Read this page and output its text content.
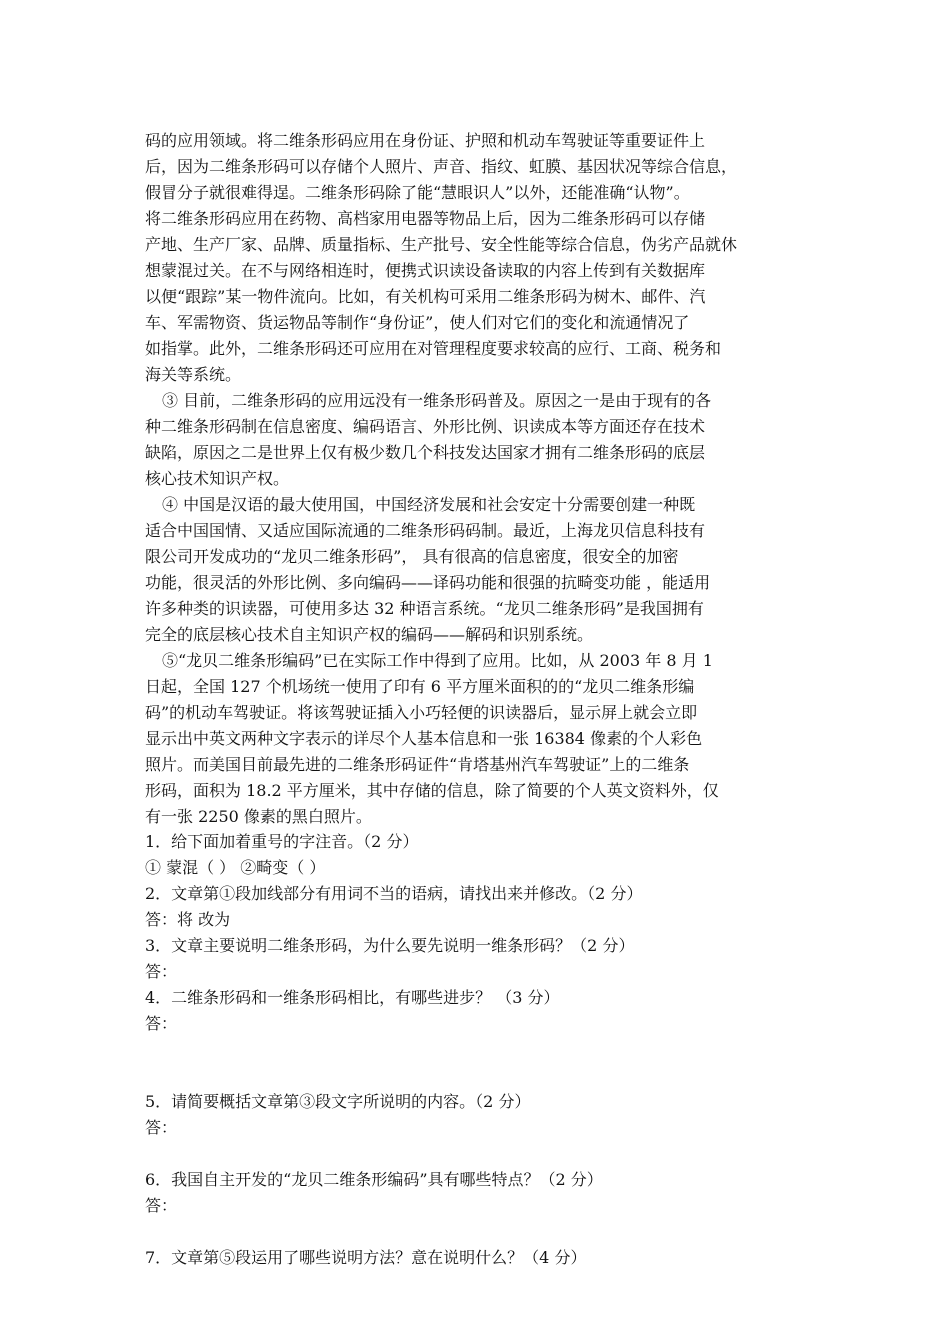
码的应用领域。将二维条形码应用在身份证、护照和机动车驾驶证等重要证件上
后，因为二维条形码可以存储个人照片、声音、指纹、虹膜、基因状况等综合信息，
假冒分子就很难得逞。二维条形码除了能“慧眼识人”以外，还能准确“认物”。
将二维条形码应用在药物、高档家用电器等物品上后，因为二维条形码可以存储
产地、生产厂家、品牌、质量指标、生产批号、安全性能等综合信息，伪劣产品就休
想蒙混过关。在不与网络相连时，便携式识读设备读取的内容上传到有关数据库
以便“跟踪”某一物件流向。比如，有关机构可采用二维条形码为树木、邮件、汽
车、军需物资、货运物品等制作“身份证”，使人们对它们的变化和流通情况了
如指掌。此外，二维条形码还可应用在对管理程度要求较高的应行、工商、税务和
海关等系统。
③ 目前，二维条形码的应用远没有一维条形码普及。原因之一是由于现有的各
种二维条形码制在信息密度、编码语言、外形比例、识读成本等方面还存在技术
缺陷，原因之二是世界上仅有极少数几个科技发达国家才拥有二维条形码的底层
核心技术知识产权。
④ 中国是汉语的最大使用国，中国经济发展和社会安定十分需要创建一种既
适合中国国情、又适应国际流通的二维条形码码制。最近，上海龙贝信息科技有
限公司开发成功的“龙贝二维条形码”， 具有很高的信息密度，很安全的加密
功能，很灵活的外形比例、多向编码——译码功能和很强的抗畸变功能 ，能适用
许多种类的识读器，可使用多达 32 种语言系统。“龙贝二维条形码”是我国拥有
完全的底层核心技术自主知识产权的编码——解码和识别系统。
⑤“龙贝二维条形编码”已在实际工作中得到了应用。比如，从 2003 年 8 月 1
日起，全国 127 个机场统一使用了印有 6 平方厘米面积的的“龙贝二维条形编
码”的机动车驾驶证。将该驾驶证插入小巧轻便的识读器后，显示屏上就会立即
显示出中英文两种文字表示的详尽个人基本信息和一张 16384 像素的个人彩色
照片。而美国目前最先进的二维条形码证件“肯塔基州汽车驾驶证”上的二维条
形码，面积为 18.2 平方厘米，其中存储的信息，除了简要的个人英文资料外，仅
有一张 2250 像素的黑白照片。
1．给下面加着重号的字注音。（2 分）
① 蒙混（ ） ②畸变（ ）
2．文章第①段加线部分有用词不当的语病，请找出来并修改。（2 分）
答：将 改为
3．文章主要说明二维条形码，为什么要先说明一维条形码？（2 分）
答：
4．二维条形码和一维条形码相比，有哪些进步？ （3 分）
答：
5．请简要概括文章第③段文字所说明的内容。（2 分）
答：
6．我国自主开发的“龙贝二维条形编码”具有哪些特点？（2 分）
答：
7．文章第⑤段运用了哪些说明方法？意在说明什么？（4 分）
